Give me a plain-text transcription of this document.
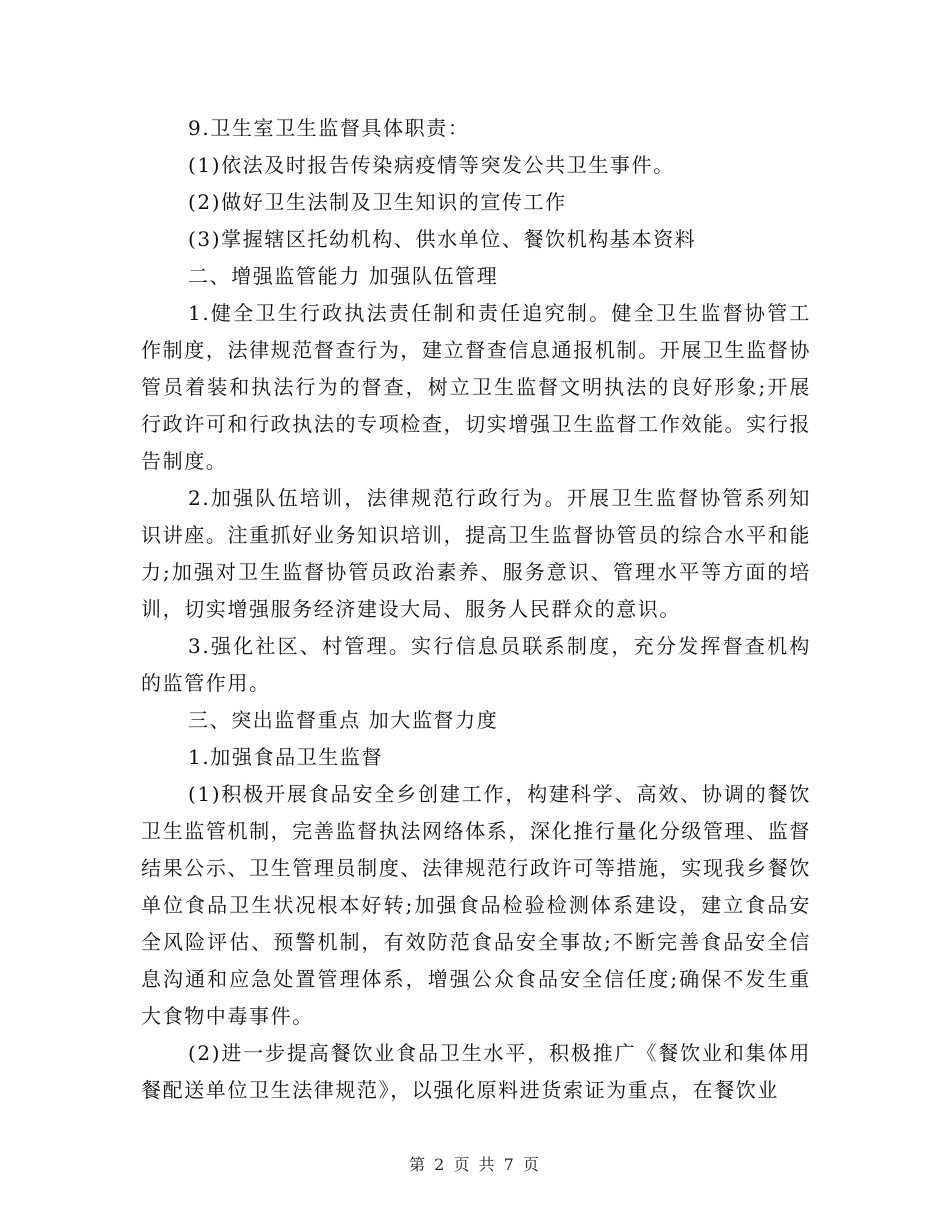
9.卫生室卫生监督具体职责：

(1)依法及时报告传染病疫情等突发公共卫生事件。

(2)做好卫生法制及卫生知识的宣传工作

(3)掌握辖区托幼机构、供水单位、餐饮机构基本资料

二、增强监管能力 加强队伍管理

1.健全卫生行政执法责任制和责任追究制。健全卫生监督协管工作制度，法律规范督查行为，建立督查信息通报机制。开展卫生监督协管员着装和执法行为的督查，树立卫生监督文明执法的良好形象;开展行政许可和行政执法的专项检查，切实增强卫生监督工作效能。实行报告制度。

2.加强队伍培训，法律规范行政行为。开展卫生监督协管系列知识讲座。注重抓好业务知识培训，提高卫生监督协管员的综合水平和能力;加强对卫生监督协管员政治素养、服务意识、管理水平等方面的培训，切实增强服务经济建设大局、服务人民群众的意识。

3.强化社区、村管理。实行信息员联系制度，充分发挥督查机构的监管作用。

三、突出监督重点 加大监督力度

1.加强食品卫生监督

(1)积极开展食品安全乡创建工作，构建科学、高效、协调的餐饮卫生监管机制，完善监督执法网络体系，深化推行量化分级管理、监督结果公示、卫生管理员制度、法律规范行政许可等措施，实现我乡餐饮单位食品卫生状况根本好转;加强食品检验检测体系建设，建立食品安全风险评估、预警机制，有效防范食品安全事故;不断完善食品安全信息沟通和应急处置管理体系，增强公众食品安全信任度;确保不发生重大食物中毒事件。

(2)进一步提高餐饮业食品卫生水平，积极推广《餐饮业和集体用餐配送单位卫生法律规范》，以强化原料进货索证为重点，在餐饮业

第 2 页 共 7 页
